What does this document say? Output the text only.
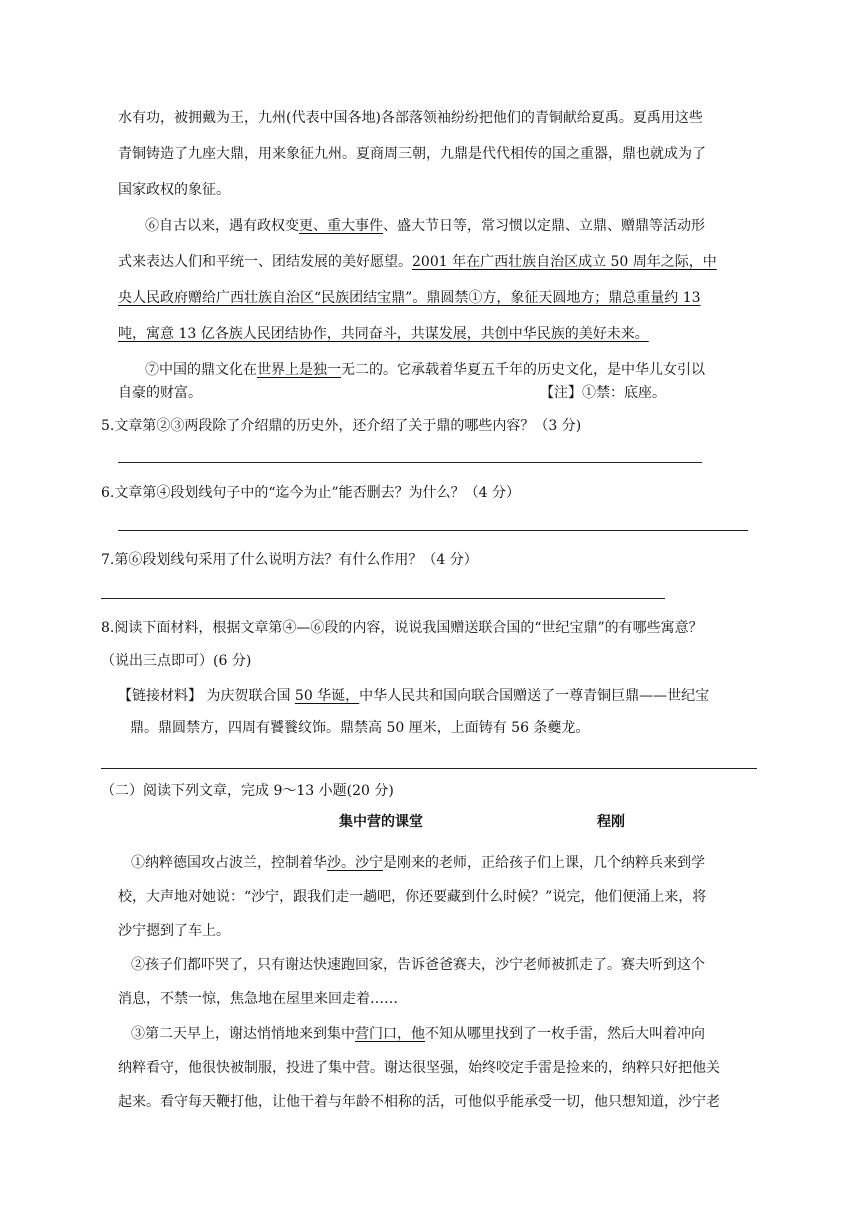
水有功，被拥戴为王，九州(代表中国各地)各部落领袖纷纷把他们的青铜献给夏禹。夏禹用这些
青铜铸造了九座大鼎，用来象征九州。夏商周三朝，九鼎是代代相传的国之重器，鼎也就成为了
国家政权的象征。
⑥自古以来，遇有政权变更、重大事件、盛大节日等，常习惯以定鼎、立鼎、赠鼎等活动形
式来表达人们和平统一、团结发展的美好愿望。2001 年在广西壮族自治区成立 50 周年之际，中
央人民政府赠给广西壮族自治区“民族团结宝鼎”。鼎圆禁①方，象征天圆地方；鼎总重量约 13
吨，寓意 13 亿各族人民团结协作，共同奋斗，共谋发展，共创中华民族的美好未来。
⑦中国的鼎文化在世界上是独一无二的。它承载着华夏五千年的历史文化，是中华儿女引以
自豪的财富。	【注】①禁：底座。
5.文章第②③两段除了介绍鼎的历史外，还介绍了关于鼎的哪些内容？（3 分)
6.文章第④段划线句子中的“迄今为止”能否删去？为什么？（4 分）
7.第⑥段划线句采用了什么说明方法？有什么作用？（4 分）
8.阅读下面材料，根据文章第④—⑥段的内容，说说我国赠送联合国的“世纪宝鼎”的有哪些寓意？
（说出三点即可）(6 分)
【链接材料】 为庆贺联合国 50 华诞，中华人民共和国向联合国赠送了一尊青铜巨鼎——世纪宝
鼎。鼎圆禁方，四周有饕餮纹饰。鼎禁高 50 厘米，上面铸有 56 条夔龙。
（二）阅读下列文章，完成 9～13 小题(20 分)
集中营的课堂	程刚
①纳粹德国攻占波兰，控制着华沙。沙宁是刚来的老师，正给孩子们上课，几个纳粹兵来到学
校，大声地对她说：“沙宁，跟我们走一趟吧，你还要藏到什么时候？”说完，他们便涌上来，将
沙宁摁到了车上。
②孩子们都吓哭了，只有谢达快速跑回家，告诉爸爸赛夫，沙宁老师被抓走了。赛夫听到这个
消息，不禁一惊，焦急地在屋里来回走着……
③第二天早上，谢达悄悄地来到集中营门口，他不知从哪里找到了一枚手雷，然后大叫着冲向
纳粹看守，他很快被制服，投进了集中营。谢达很坚强，始终咬定手雷是捡来的，纳粹只好把他关
起来。看守每天鞭打他，让他干着与年龄不相称的活，可他似乎能承受一切，他只想知道，沙宁老
